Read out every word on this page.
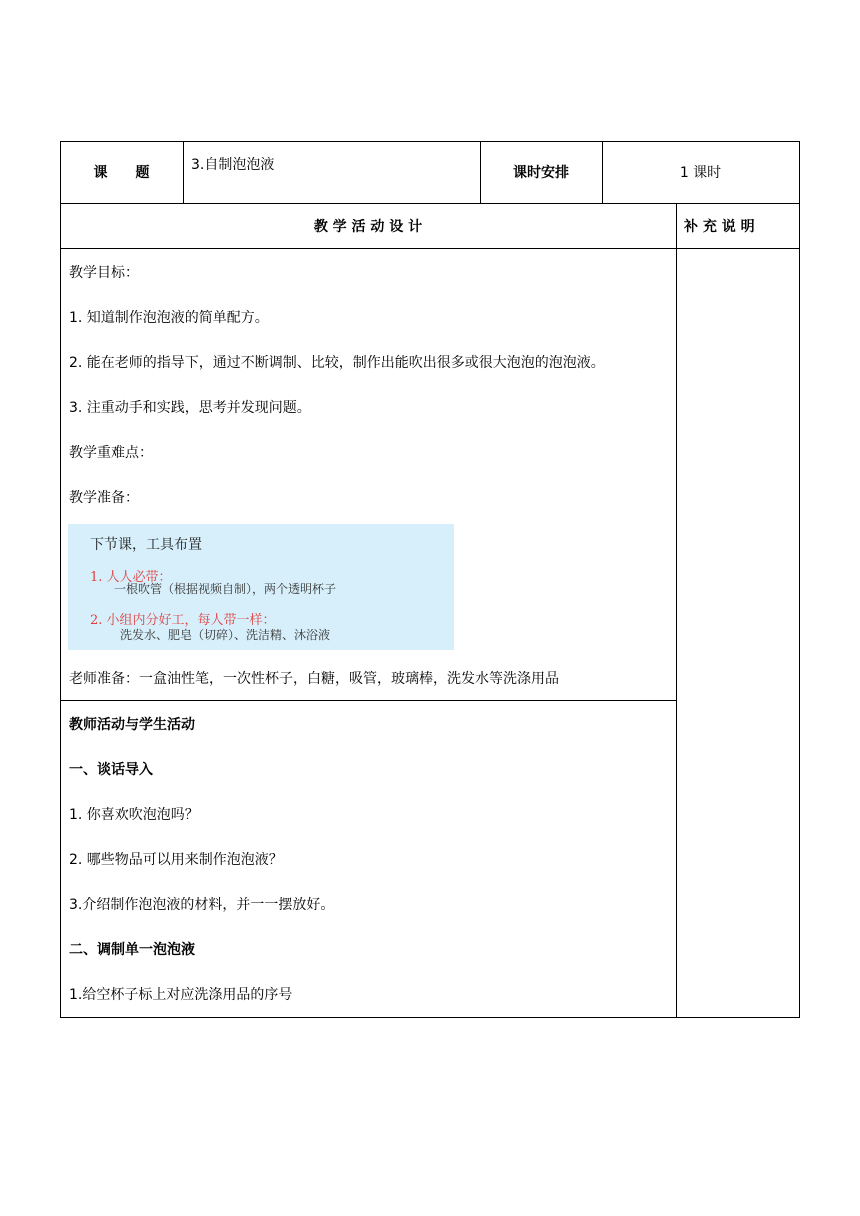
课　　题	3.自制泡泡液	课时安排	1 课时
教 学 活 动 设 计	补 充 说 明
教学目标：
1. 知道制作泡泡液的简单配方。
2. 能在老师的指导下，通过不断调制、比较，制作出能吹出很多或很大泡泡的泡泡液。
3. 注重动手和实践，思考并发现问题。
教学重难点：
教学准备：
下节课，工具布置
1. 人人必带：
一根吹管（根据视频自制），两个透明杯子
2. 小组内分好工，每人带一样：
洗发水、肥皂（切碎）、洗洁精、沐浴液
老师准备：一盒油性笔，一次性杯子，白糖，吸管，玻璃棒，洗发水等洗涤用品
教师活动与学生活动
一、谈话导入
1. 你喜欢吹泡泡吗？
2. 哪些物品可以用来制作泡泡液？
3.介绍制作泡泡液的材料，并一一摆放好。
二、调制单一泡泡液
1.给空杯子标上对应洗涤用品的序号
